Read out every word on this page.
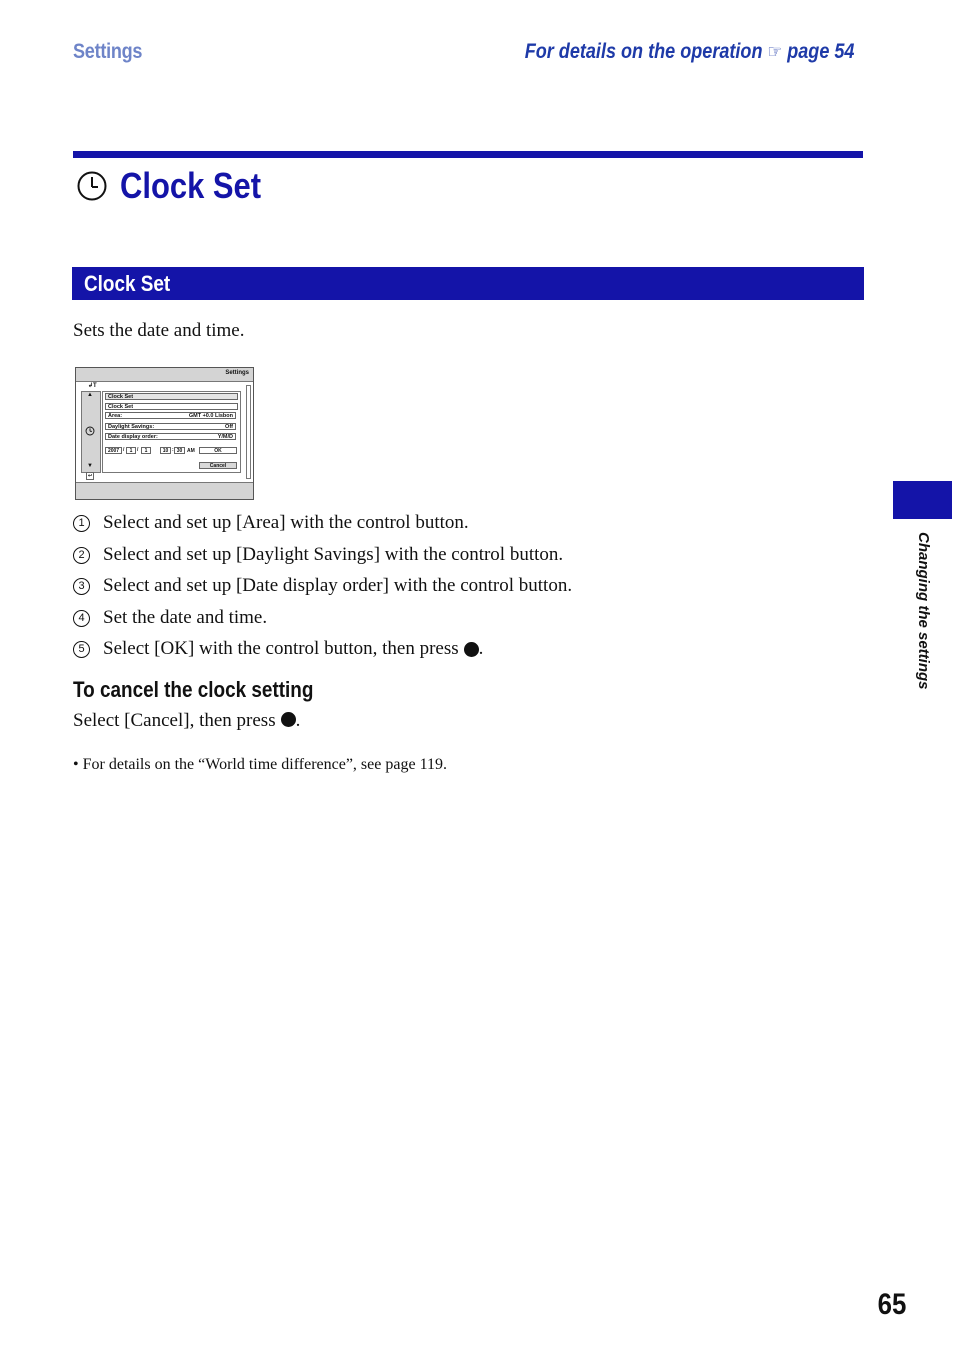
Settings	For details on the operation ☞ page 54
Clock Set
Clock Set
Sets the date and time.
Settings
↲T
▲
▼
Clock Set
Clock Set
Area:	GMT +0.0 Lisbon
Daylight Savings:	Off
Date display order:	Y/M/D
2007 /	1 /	1	10 : 30 AM	OK
Cancel
↩
1 Select and set up [Area] with the control button.
2 Select and set up [Daylight Savings] with the control button.
3 Select and set up [Date display order] with the control button.
4 Set the date and time.
5 Select [OK] with the control button, then press .
To cancel the clock setting
Select [Cancel], then press .
• For details on the “World time difference”, see page 119.
Changing the settings
65
